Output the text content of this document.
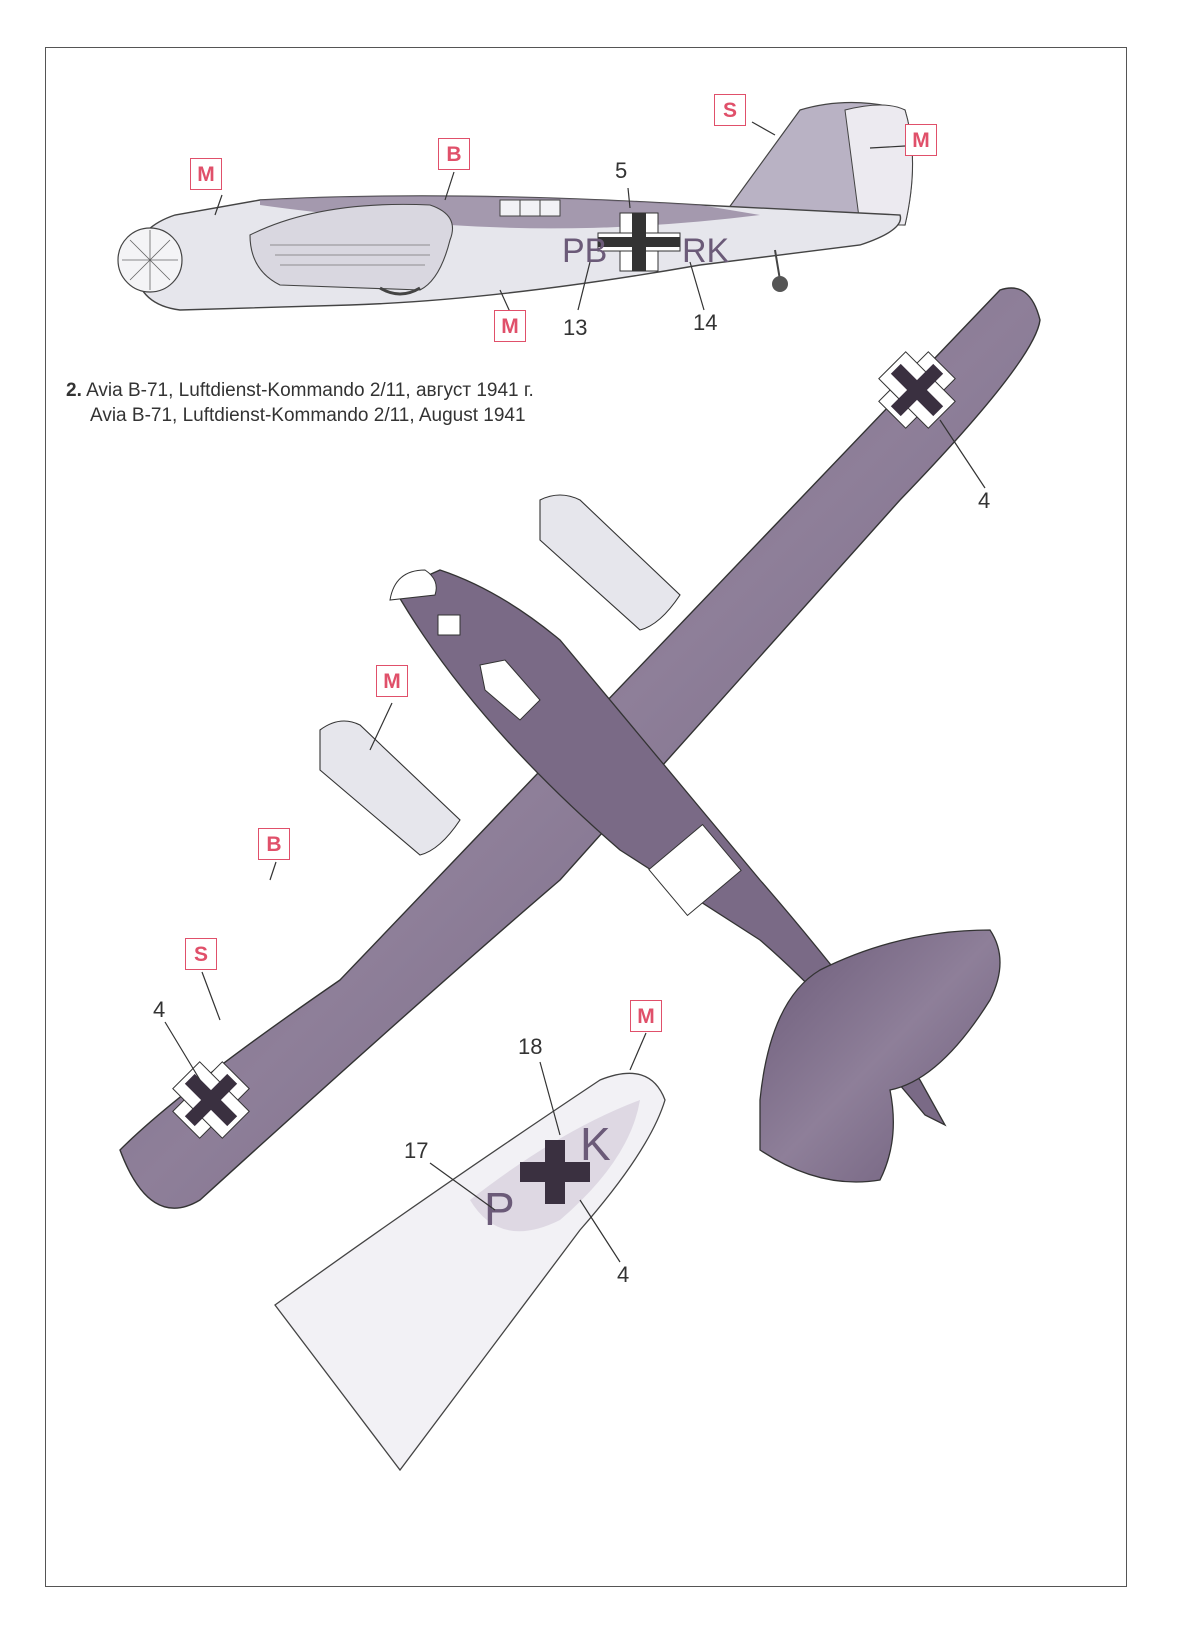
PB RK
P
K
M
B
S
M
M
M
B
S
M
5
13	14
4
4
18
17
4
2. Avia B-71, Luftdienst-Kommando 2/11, август 1941 г.
Avia B-71, Luftdienst-Kommando 2/11, August 1941
